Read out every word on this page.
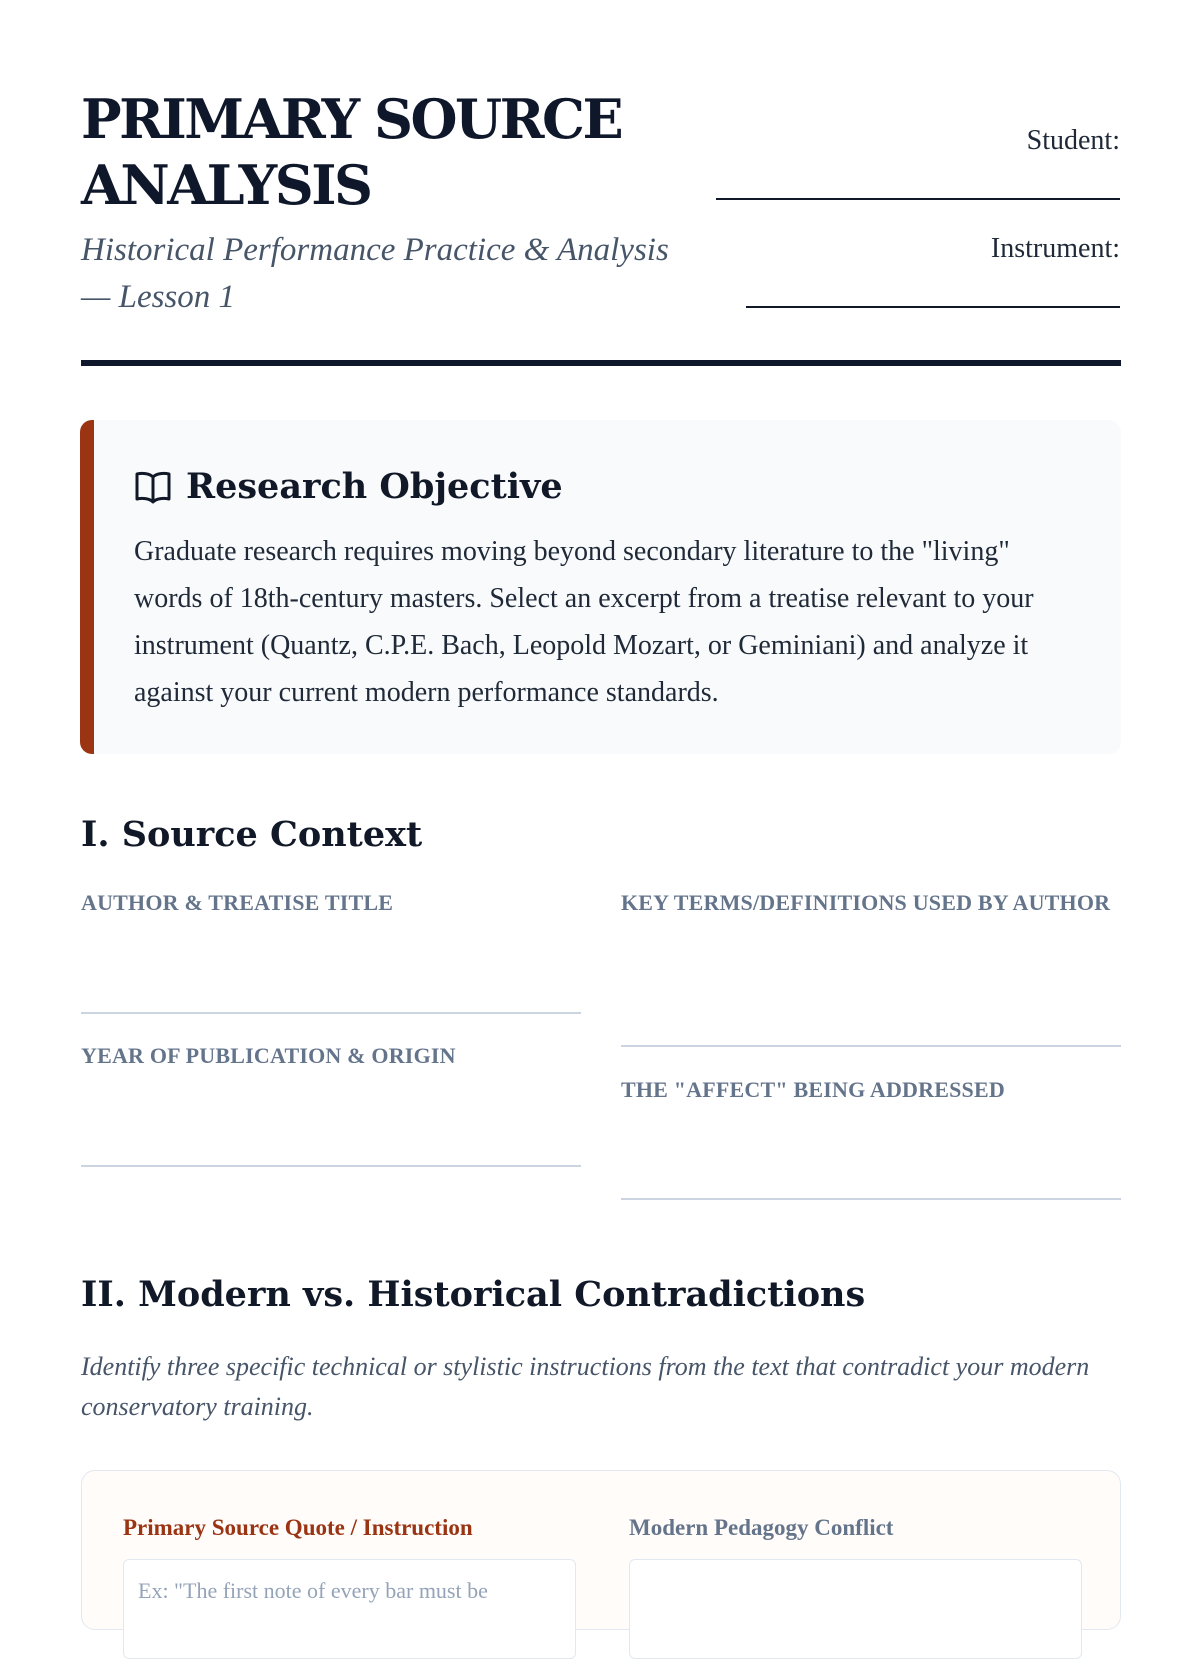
PRIMARY SOURCE ANALYSIS

Historical Performance Practice & Analysis — Lesson 1

Student:
Instrument:
Research Objective

Graduate research requires moving beyond secondary literature to the "living" words of 18th-century masters. Select an excerpt from a treatise relevant to your instrument (Quantz, C.P.E. Bach, Leopold Mozart, or Geminiani) and analyze it against your current modern performance standards.

I. Source Context

AUTHOR & TREATISE TITLE

YEAR OF PUBLICATION & ORIGIN

KEY TERMS/DEFINITIONS USED BY AUTHOR

THE "AFFECT" BEING ADDRESSED

II. Modern vs. Historical Contradictions

Identify three specific technical or stylistic instructions from the text that contradict your modern conservatory training.

Primary Source Quote / Instruction	Modern Pedagogy Conflict

Ex: "The first note of every bar must be
